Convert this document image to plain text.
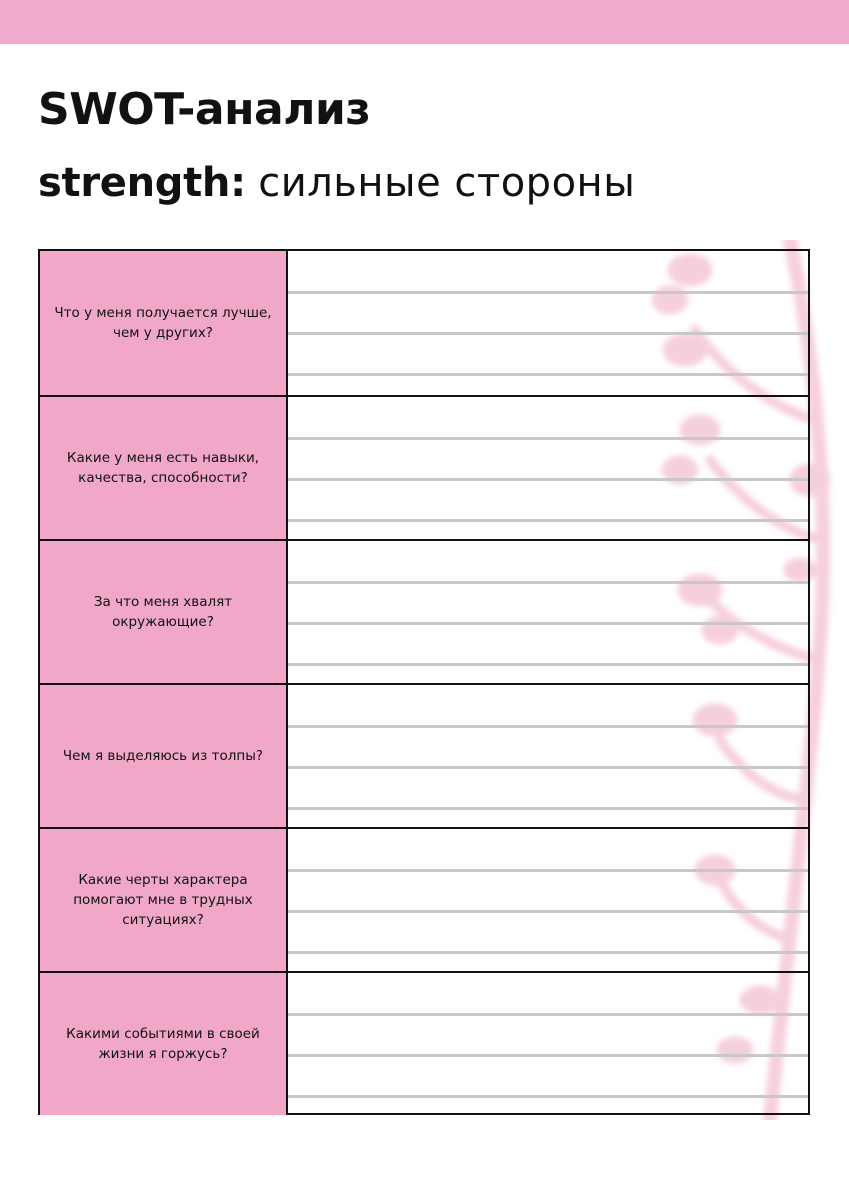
SWOT-анализ
strength: сильные стороны
Что у меня получается лучше, чем у других?
Какие у меня есть навыки, качества, способности?
За что меня хвалят окружающие?
Чем я выделяюсь из толпы?
Какие черты характера помогают мне в трудных ситуациях?
Какими событиями в своей жизни я горжусь?
